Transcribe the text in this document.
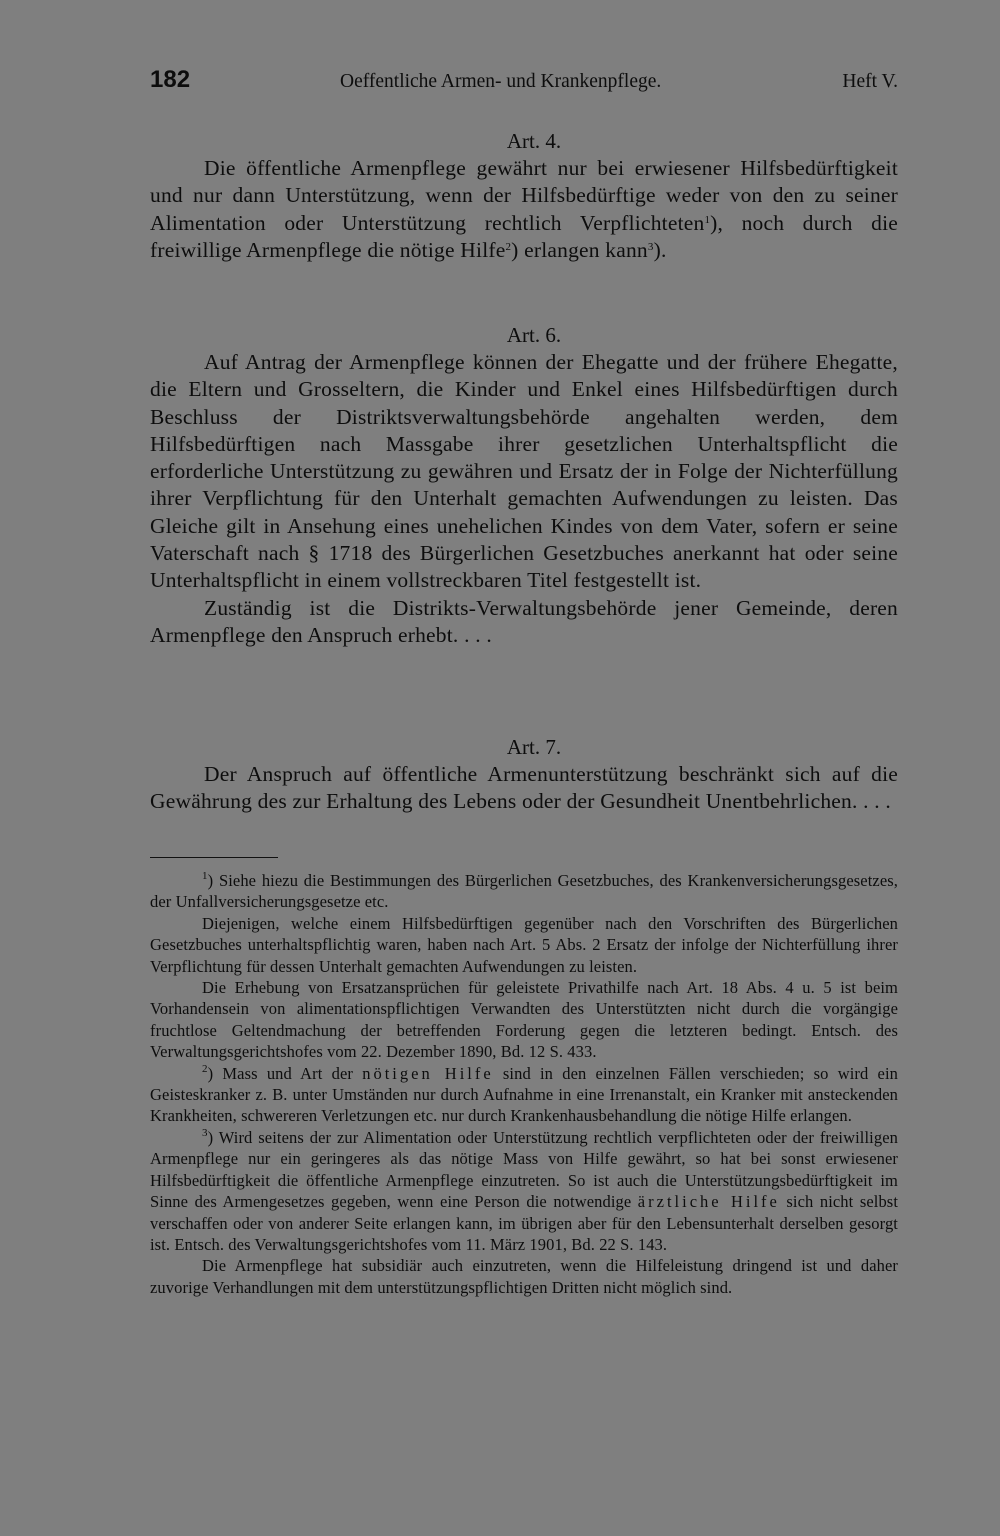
182	Oeffentliche Armen- und Krankenpflege.	Heft V.
Art. 4.

Die öffentliche Armenpflege gewährt nur bei erwiesener Hilfsbedürftigkeit und nur dann Unterstützung, wenn der Hilfsbedürftige weder von den zu seiner Alimentation oder Unterstützung rechtlich Verpflichteten$^1$), noch durch die freiwillige Armenpflege die nötige Hilfe$^2$) erlangen kann$^3$).

Art. 6.

Auf Antrag der Armenpflege können der Ehegatte und der frühere Ehegatte, die Eltern und Grosseltern, die Kinder und Enkel eines Hilfsbedürftigen durch Beschluss der Distriktsverwaltungsbehörde angehalten werden, dem Hilfsbedürftigen nach Massgabe ihrer gesetzlichen Unterhaltspflicht die erforderliche Unterstützung zu gewähren und Ersatz der in Folge der Nichterfüllung ihrer Verpflichtung für den Unterhalt gemachten Aufwendungen zu leisten. Das Gleiche gilt in Ansehung eines unehelichen Kindes von dem Vater, sofern er seine Vaterschaft nach § 1718 des Bürgerlichen Gesetzbuches anerkannt hat oder seine Unterhaltspflicht in einem vollstreckbaren Titel festgestellt ist.

Zuständig ist die Distrikts-Verwaltungsbehörde jener Gemeinde, deren Armenpflege den Anspruch erhebt. . . .

Art. 7.

Der Anspruch auf öffentliche Armenunterstützung beschränkt sich auf die Gewährung des zur Erhaltung des Lebens oder der Gesundheit Unentbehrlichen. . . .

$^1$) Siehe hiezu die Bestimmungen des Bürgerlichen Gesetzbuches, des Krankenversicherungsgesetzes, der Unfallversicherungsgesetze etc.

Diejenigen, welche einem Hilfsbedürftigen gegenüber nach den Vorschriften des Bürgerlichen Gesetzbuches unterhaltspflichtig waren, haben nach Art. 5 Abs. 2 Ersatz der infolge der Nichterfüllung ihrer Verpflichtung für dessen Unterhalt gemachten Aufwendungen zu leisten.

Die Erhebung von Ersatzansprüchen für geleistete Privathilfe nach Art. 18 Abs. 4 u. 5 ist beim Vorhandensein von alimentationspflichtigen Verwandten des Unterstützten nicht durch die vorgängige fruchtlose Geltendmachung der betreffenden Forderung gegen die letzteren bedingt. Entsch. des Verwaltungsgerichtshofes vom 22. Dezember 1890, Bd. 12 S. 433.

$^2$) Mass und Art der nötigen Hilfe sind in den einzelnen Fällen verschieden; so wird ein Geisteskranker z. B. unter Umständen nur durch Aufnahme in eine Irrenanstalt, ein Kranker mit ansteckenden Krankheiten, schwereren Verletzungen etc. nur durch Krankenhausbehandlung die nötige Hilfe erlangen.

$^3$) Wird seitens der zur Alimentation oder Unterstützung rechtlich verpflichteten oder der freiwilligen Armenpflege nur ein geringeres als das nötige Mass von Hilfe gewährt, so hat bei sonst erwiesener Hilfsbedürftigkeit die öffentliche Armenpflege einzutreten. So ist auch die Unterstützungsbedürftigkeit im Sinne des Armengesetzes gegeben, wenn eine Person die notwendige ärztliche Hilfe sich nicht selbst verschaffen oder von anderer Seite erlangen kann, im übrigen aber für den Lebensunterhalt derselben gesorgt ist. Entsch. des Verwaltungsgerichtshofes vom 11. März 1901, Bd. 22 S. 143.

Die Armenpflege hat subsidiär auch einzutreten, wenn die Hilfeleistung dringend ist und daher zuvorige Verhandlungen mit dem unterstützungspflichtigen Dritten nicht möglich sind.
